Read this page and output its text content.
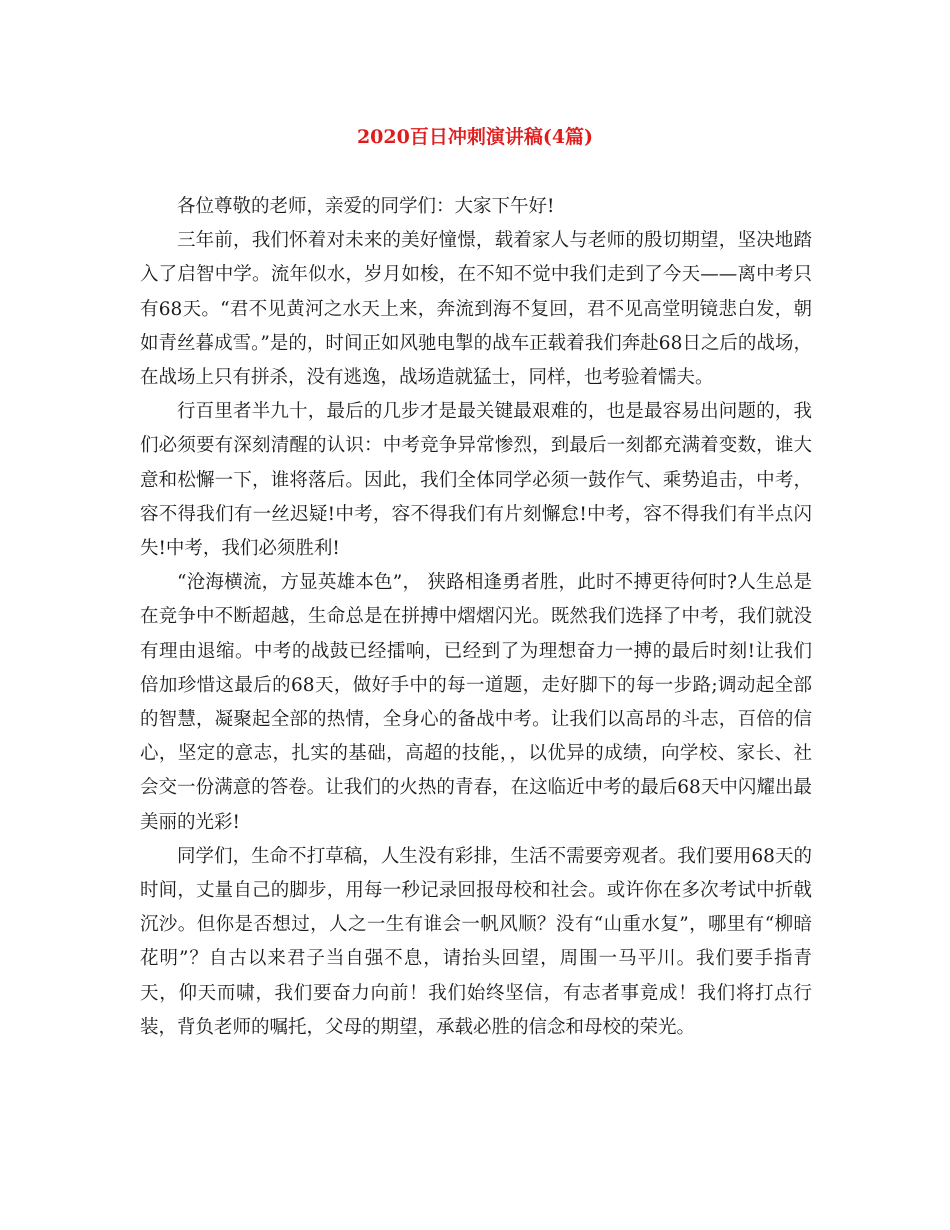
2020百日冲刺演讲稿(4篇)

各位尊敬的老师，亲爱的同学们：大家下午好!

三年前，我们怀着对未来的美好憧憬，载着家人与老师的殷切期望，坚决地踏入了启智中学。流年似水，岁月如梭，在不知不觉中我们走到了今天——离中考只有68天。“君不见黄河之水天上来，奔流到海不复回，君不见高堂明镜悲白发，朝如青丝暮成雪。”是的，时间正如风驰电掣的战车正载着我们奔赴68日之后的战场，在战场上只有拼杀，没有逃逸，战场造就猛士，同样，也考验着懦夫。

行百里者半九十，最后的几步才是最关键最艰难的，也是最容易出问题的，我们必须要有深刻清醒的认识：中考竞争异常惨烈，到最后一刻都充满着变数，谁大意和松懈一下，谁将落后。因此，我们全体同学必须一鼓作气、乘势追击，中考，容不得我们有一丝迟疑!中考，容不得我们有片刻懈怠!中考，容不得我们有半点闪失!中考，我们必须胜利!

“沧海横流，方显英雄本色”， 狭路相逢勇者胜，此时不搏更待何时?人生总是在竞争中不断超越，生命总是在拼搏中熠熠闪光。既然我们选择了中考，我们就没有理由退缩。中考的战鼓已经擂响，已经到了为理想奋力一搏的最后时刻!让我们倍加珍惜这最后的68天，做好手中的每一道题，走好脚下的每一步路;调动起全部的智慧，凝聚起全部的热情，全身心的备战中考。让我们以高昂的斗志，百倍的信心，坚定的意志，扎实的基础，高超的技能，，以优异的成绩，向学校、家长、社会交一份满意的答卷。让我们的火热的青春，在这临近中考的最后68天中闪耀出最美丽的光彩!

同学们，生命不打草稿，人生没有彩排，生活不需要旁观者。我们要用68天的时间，丈量自己的脚步，用每一秒记录回报母校和社会。或许你在多次考试中折戟沉沙。但你是否想过，人之一生有谁会一帆风顺？没有“山重水复”，哪里有“柳暗花明”？自古以来君子当自强不息，请抬头回望，周围一马平川。我们要手指青天，仰天而啸，我们要奋力向前！我们始终坚信，有志者事竟成！我们将打点行装，背负老师的嘱托，父母的期望，承载必胜的信念和母校的荣光。
